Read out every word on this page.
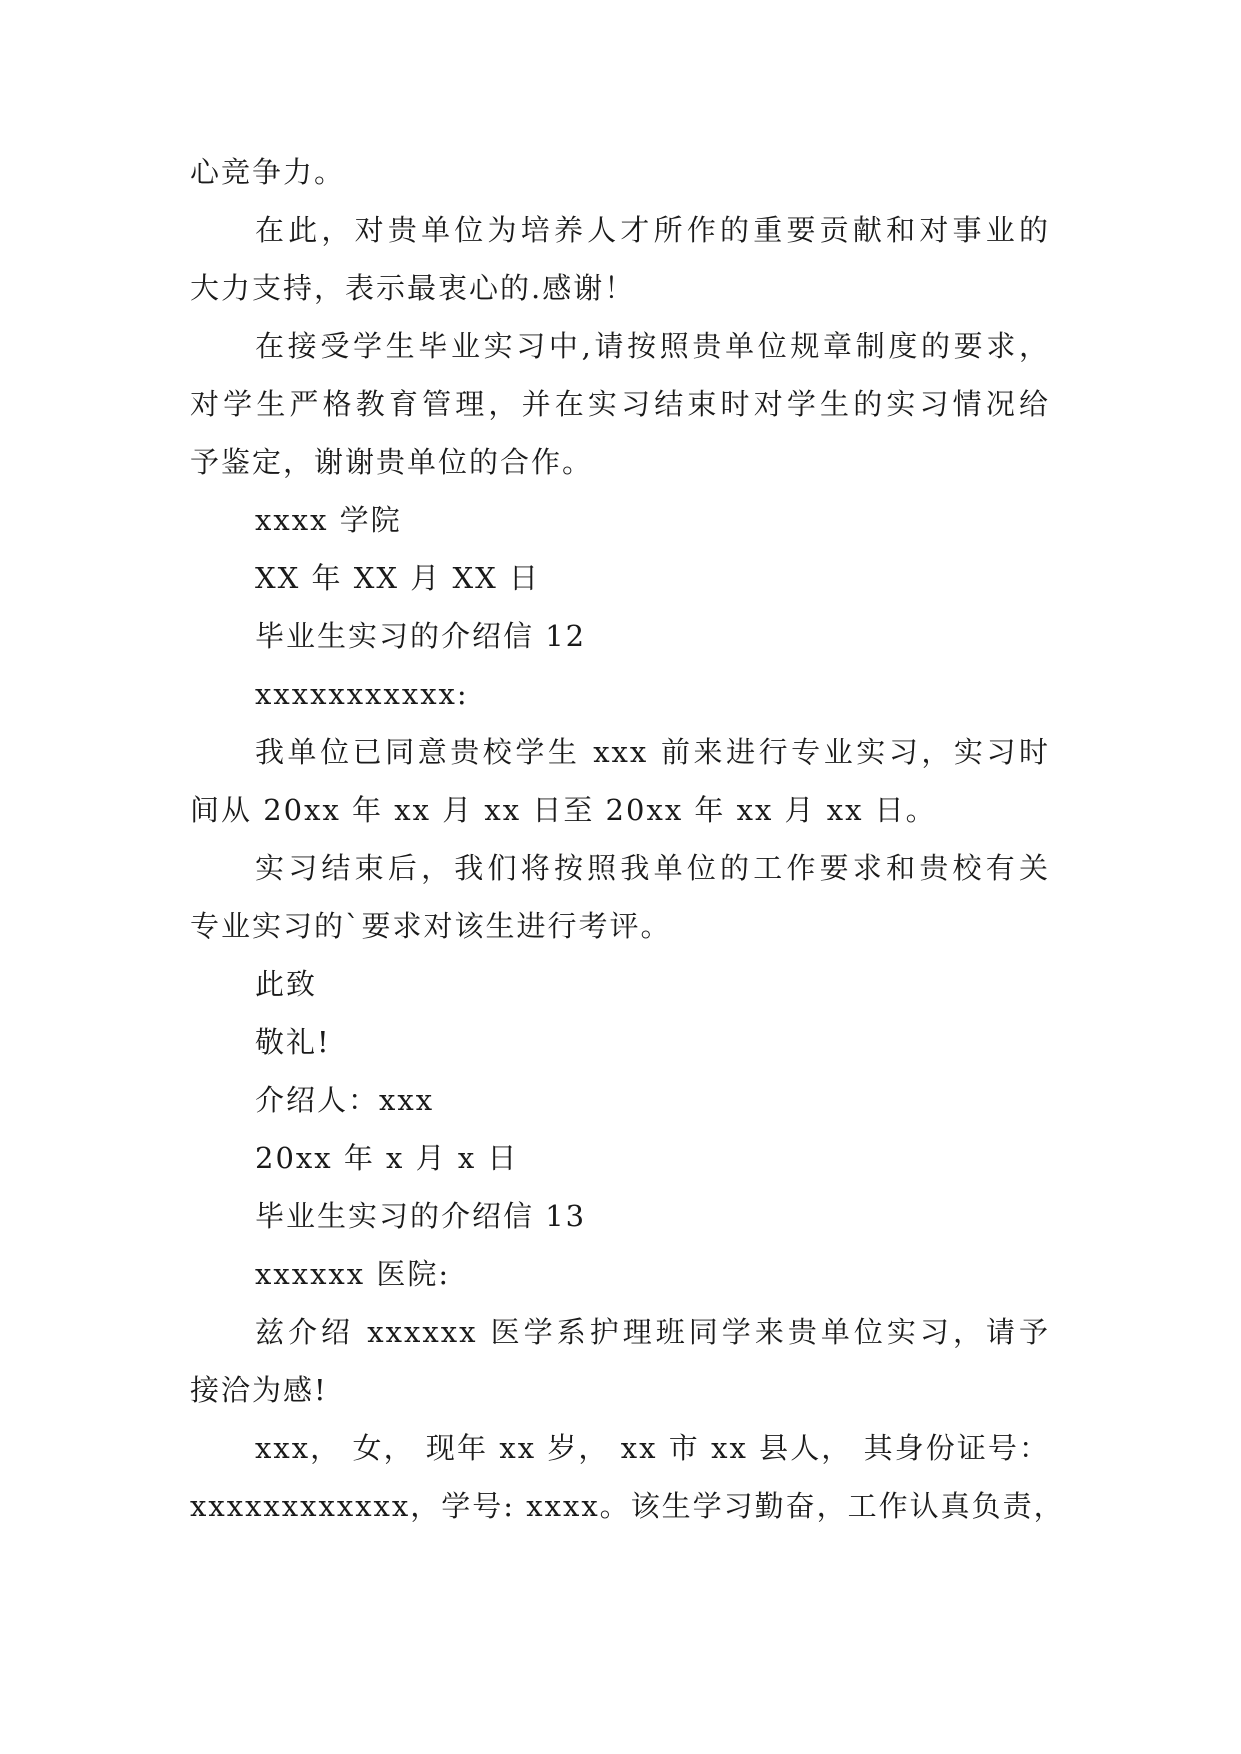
心竞争力。
在此，对贵单位为培养人才所作的重要贡献和对事业的
大力支持，表示最衷心的.感谢！
在接受学生毕业实习中,请按照贵单位规章制度的要求，
对学生严格教育管理，并在实习结束时对学生的实习情况给
予鉴定，谢谢贵单位的合作。
xxxx 学院
XX 年 XX 月 XX 日
毕业生实习的介绍信 12
xxxxxxxxxxx:
我单位已同意贵校学生 xxx 前来进行专业实习，实习时
间从 20xx 年 xx 月 xx 日至 20xx 年 xx 月 xx 日。
实习结束后，我们将按照我单位的工作要求和贵校有关
专业实习的`要求对该生进行考评。
此致
敬礼!
介绍人：xxx
20xx 年 x 月 x 日
毕业生实习的介绍信 13
xxxxxx 医院:
兹介绍 xxxxxx 医学系护理班同学来贵单位实习，请予
接洽为感!
xxx， 女， 现年 xx 岁， xx 市 xx 县人， 其身份证号：
xxxxxxxxxxxx，学号: xxxx。该生学习勤奋，工作认真负责，
